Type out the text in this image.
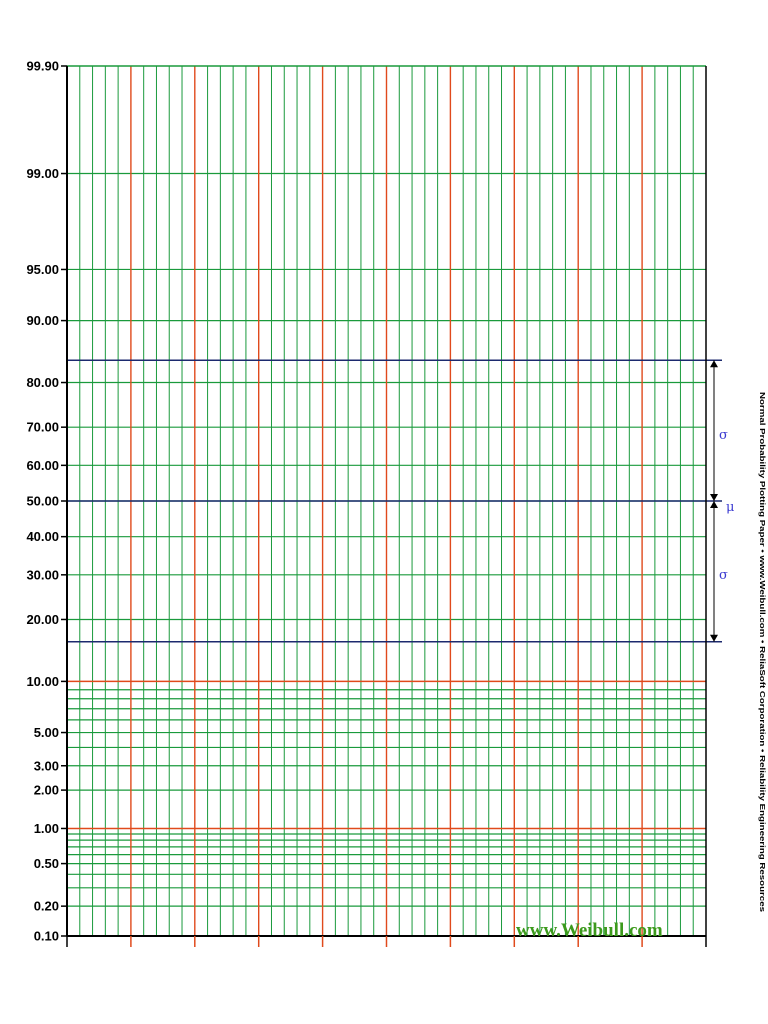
99.90
99.00
95.00
90.00
80.00
70.00
60.00
50.00
40.00
30.00
20.00
10.00
5.00
3.00
2.00
1.00
0.50
0.20
0.10
σ
μ
σ
www.Weibull.com
Normal Probability Plotting Paper • www.Weibull.com • ReliaSoft Corporation • Reliability Engineering Resources
